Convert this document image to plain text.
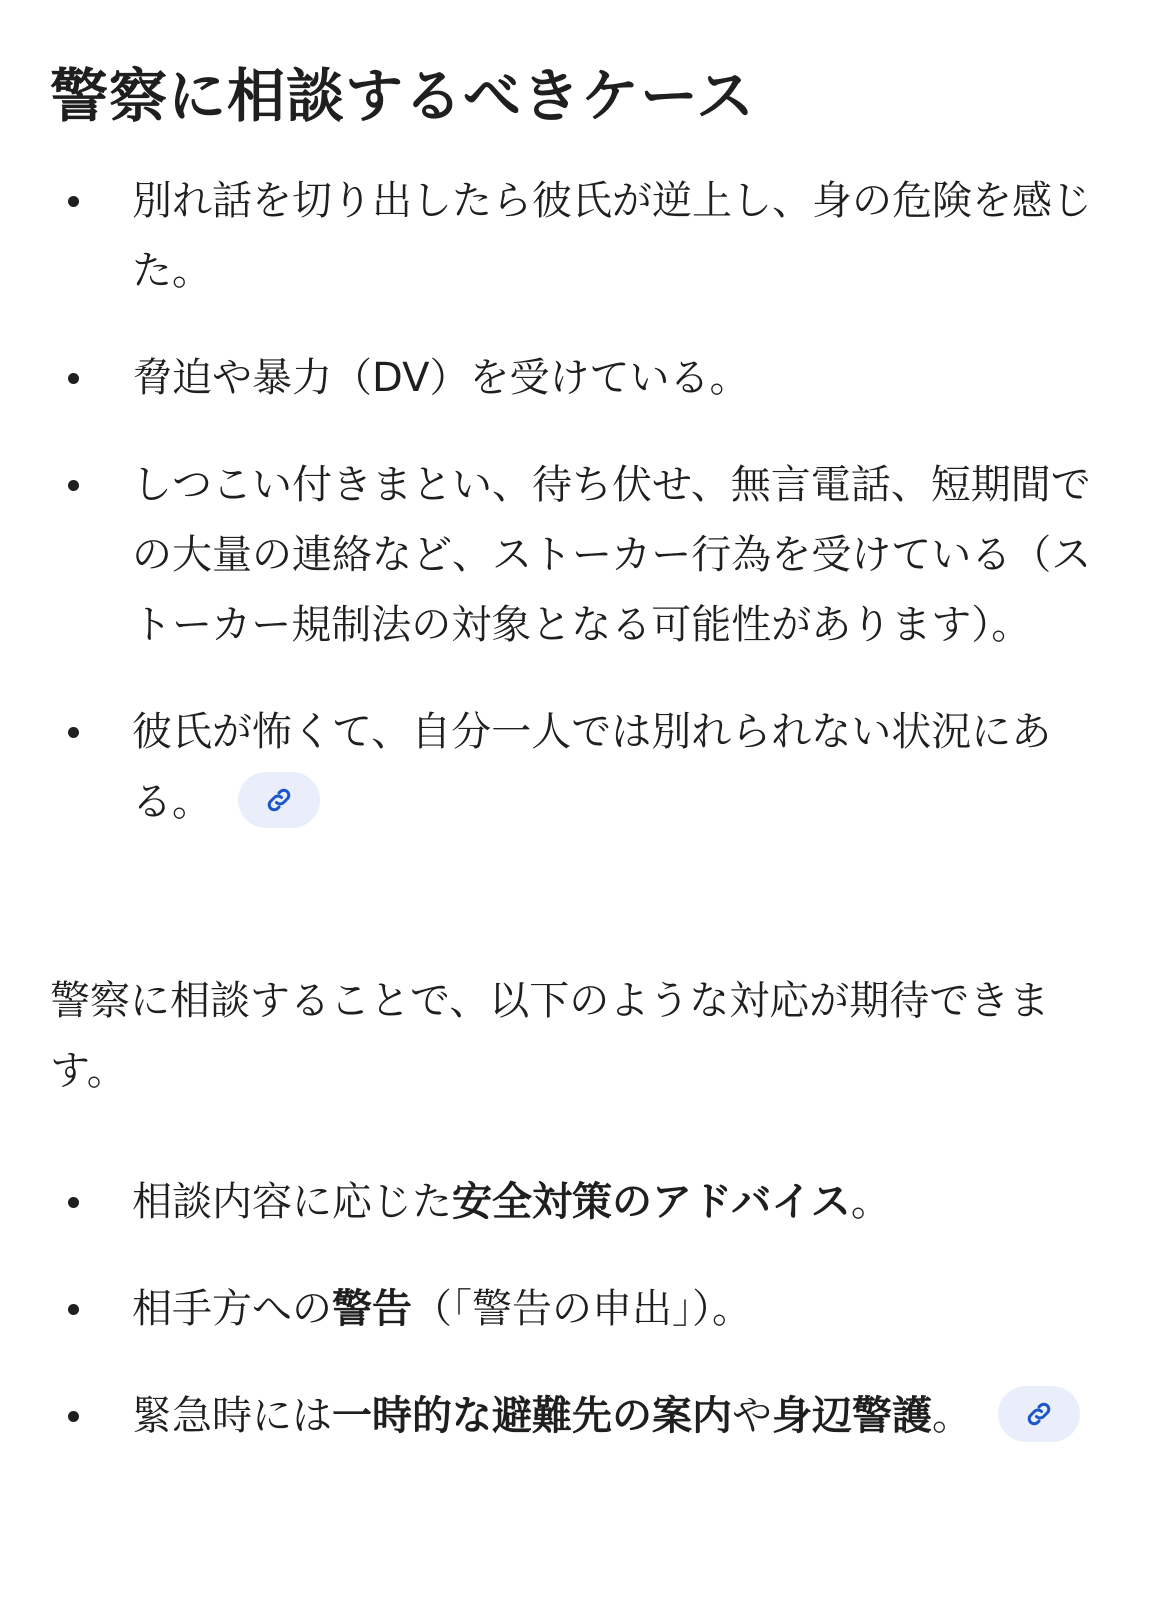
警察に相談するべきケース
別れ話を切り出したら彼氏が逆上し、身の危険を感じた。
脅迫や暴力（DV）を受けている。
しつこい付きまとい、待ち伏せ、無言電話、短期間での大量の連絡など、ストーカー行為を受けている（ストーカー規制法の対象となる可能性があります）。
彼氏が怖くて、自分一人では別れられない状況にある。

警察に相談することで、以下のような対応が期待できます。

相談内容に応じた安全対策のアドバイス。
相手方への警告（「警告の申出」）。
緊急時には一時的な避難先の案内や身辺警護。
